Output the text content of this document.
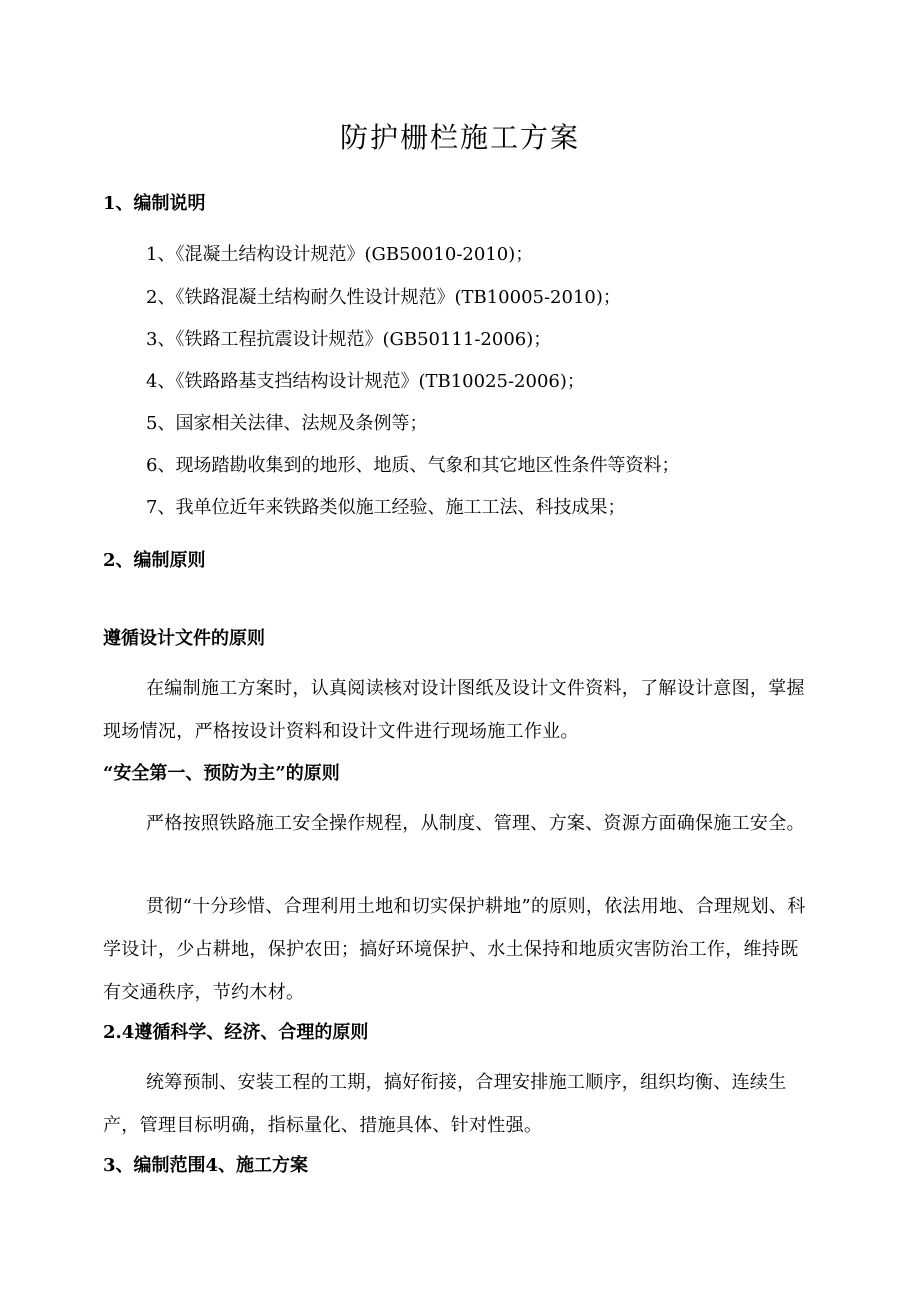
防护栅栏施工方案
1、编制说明

1、《混凝土结构设计规范》(GB50010-2010)；

2、《铁路混凝土结构耐久性设计规范》(TB10005-2010)；

3、《铁路工程抗震设计规范》(GB50111-2006)；

4、《铁路路基支挡结构设计规范》(TB10025-2006)；

5、国家相关法律、法规及条例等；

6、现场踏勘收集到的地形、地质、气象和其它地区性条件等资料；

7、我单位近年来铁路类似施工经验、施工工法、科技成果；

2、编制原则
遵循设计文件的原则

在编制施工方案时，认真阅读核对设计图纸及设计文件资料，了解设计意图，掌握现场情况，严格按设计资料和设计文件进行现场施工作业。

“安全第一、预防为主”的原则

严格按照铁路施工安全操作规程，从制度、管理、方案、资源方面确保施工安全。

贯彻“十分珍惜、合理利用土地和切实保护耕地”的原则，依法用地、合理规划、科学设计，少占耕地，保护农田；搞好环境保护、水土保持和地质灾害防治工作，维持既有交通秩序，节约木材。

2.4遵循科学、经济、合理的原则

统筹预制、安装工程的工期，搞好衔接，合理安排施工顺序，组织均衡、连续生产，管理目标明确，指标量化、措施具体、针对性强。

3、编制范围4、施工方案
